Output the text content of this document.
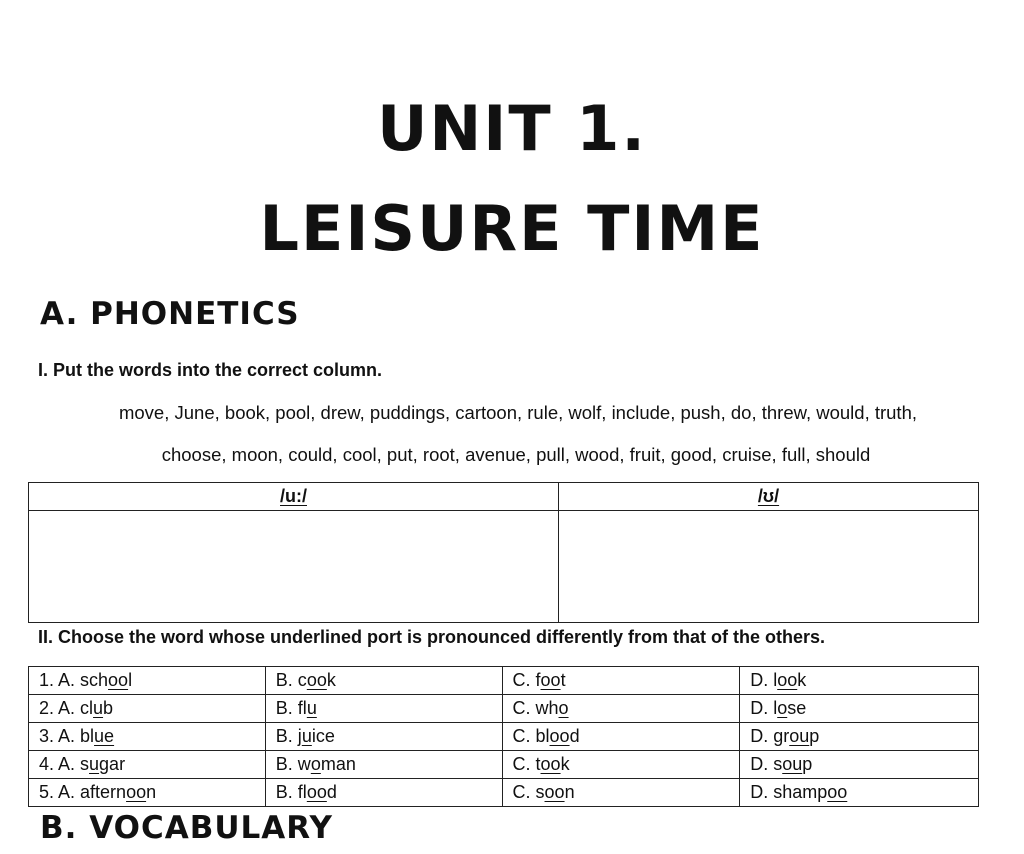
UNIT 1.
LEISURE TIME
A. PHONETICS

I. Put the words into the correct column.

move, June, book, pool, drew, puddings, cartoon, rule, wolf, include, push, do, threw, would, truth,

choose, moon, could, cool, put, root, avenue, pull, wood, fruit, good, cruise, full, should

/u:/	/ʊ/

II. Choose the word whose underlined port is pronounced differently from that of the others.

1. A. school	B. cook	C. foot	D. look
2. A. club	B. flu	C. who	D. lose
3. A. blue	B. juice	C. blood	D. group
4. A. sugar	B. woman	C. took	D. soup
5. A. afternoon	B. flood	C. soon	D. shampoo
B. VOCABULARY
